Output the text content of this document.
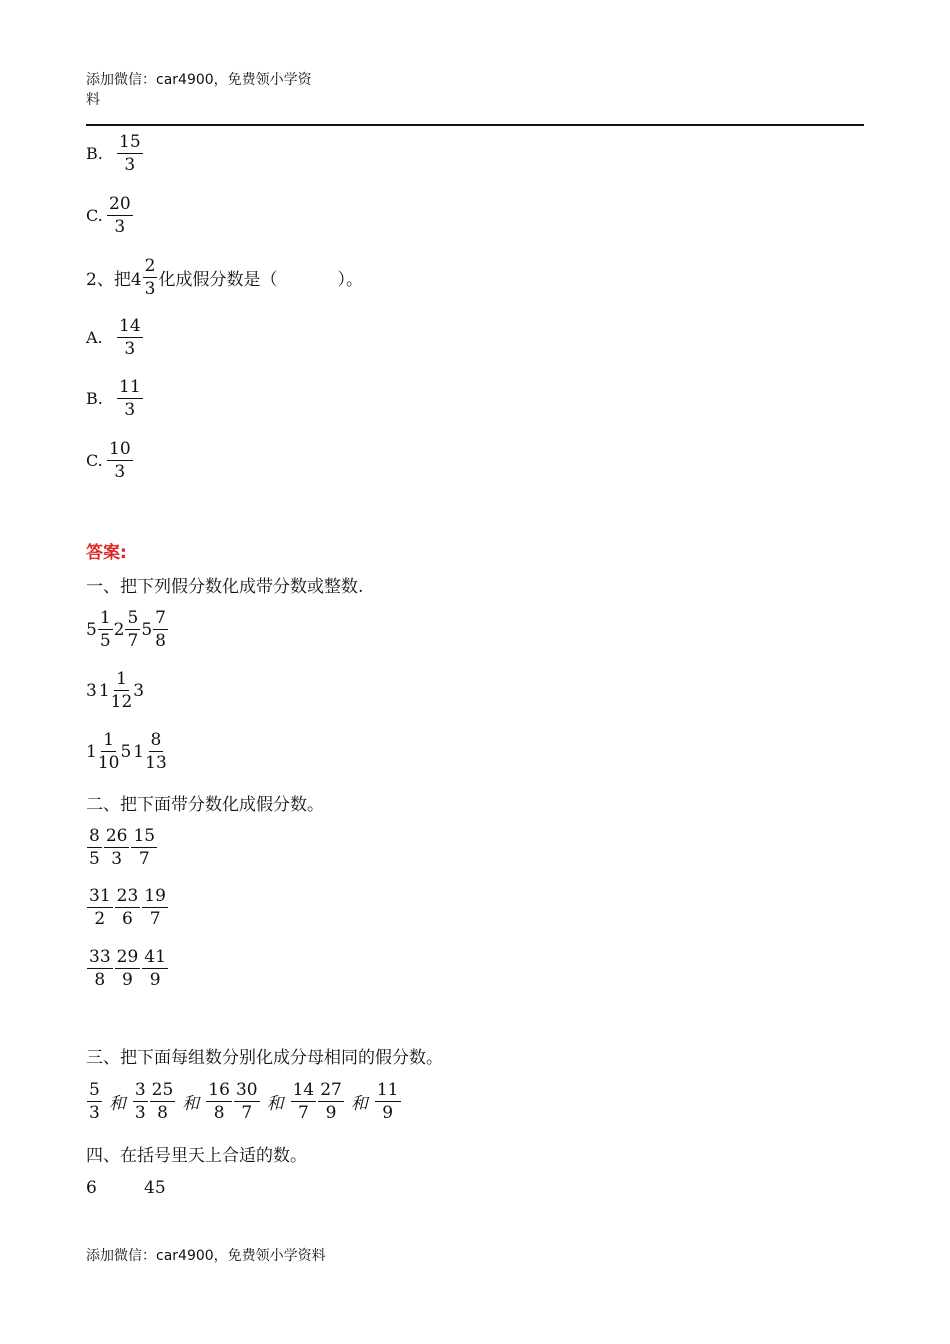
添加微信：car4900，免费领小学资
料
B. $\frac{15}{3}$
C. $\frac{20}{3}$
2、把$4 \frac{2}{3}$ 化成假分数是（	）。
A. $\frac{14}{3}$
B. $\frac{11}{3}$
C. $\frac{10}{3}$
答案:
一、把下列假分数化成带分数或整数.
$5 \frac{1}{5} 2 \frac{5}{7} 5 \frac{7}{8}$
3 $1 \frac{1}{12} 3$
$1 \frac{1}{10} 5$ $1 \frac{8}{13}$
二、把下面带分数化成假分数。
$\frac{8}{5} \frac{26}{3} \frac{15}{7}$
$\frac{31}{2} \frac{23}{6} \frac{19}{7}$
$\frac{33}{8} \frac{29}{9} \frac{41}{9}$
三、把下面每组数分别化成分母相同的假分数。
$\frac{5}{3}$ 和 $\frac{3}{3} \frac{25}{8}$ 和 $\frac{16}{8} \frac{30}{7}$ 和 $\frac{14}{7} \frac{27}{9}$ 和 $\frac{11}{9}$
四、在括号里天上合适的数。
6	45
添加微信：car4900，免费领小学资料
